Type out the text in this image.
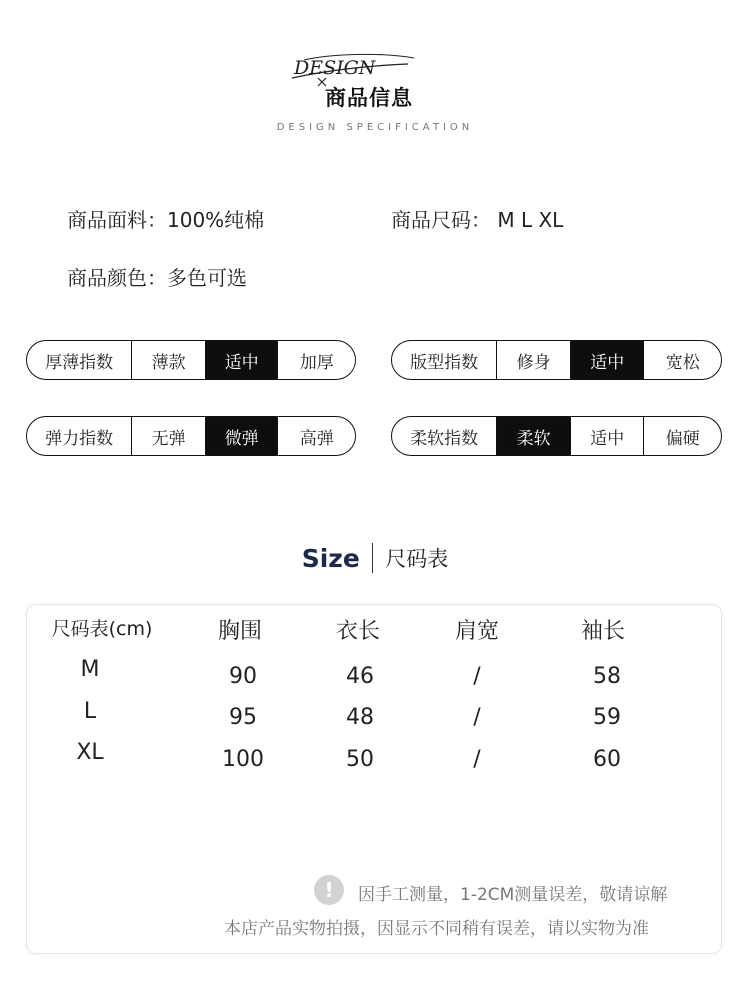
DESIGN
商品信息
DESIGN SPECIFICATION
商品面料：100%纯棉	商品尺码： M L XL
商品颜色：多色可选
厚薄指数	薄款	适中	加厚	版型指数	修身	适中	宽松
弹力指数	无弹	微弹	高弹	柔软指数	柔软	适中	偏硬
Size 尺码表
尺码表(cm)	胸围	衣长	肩宽	袖长
M	90	46	/	58
L	95	48	/	59
XL	100	50	/	60
!	因手工测量，1-2CM测量误差，敬请谅解
本店产品实物拍摄，因显示不同稍有误差，请以实物为准
